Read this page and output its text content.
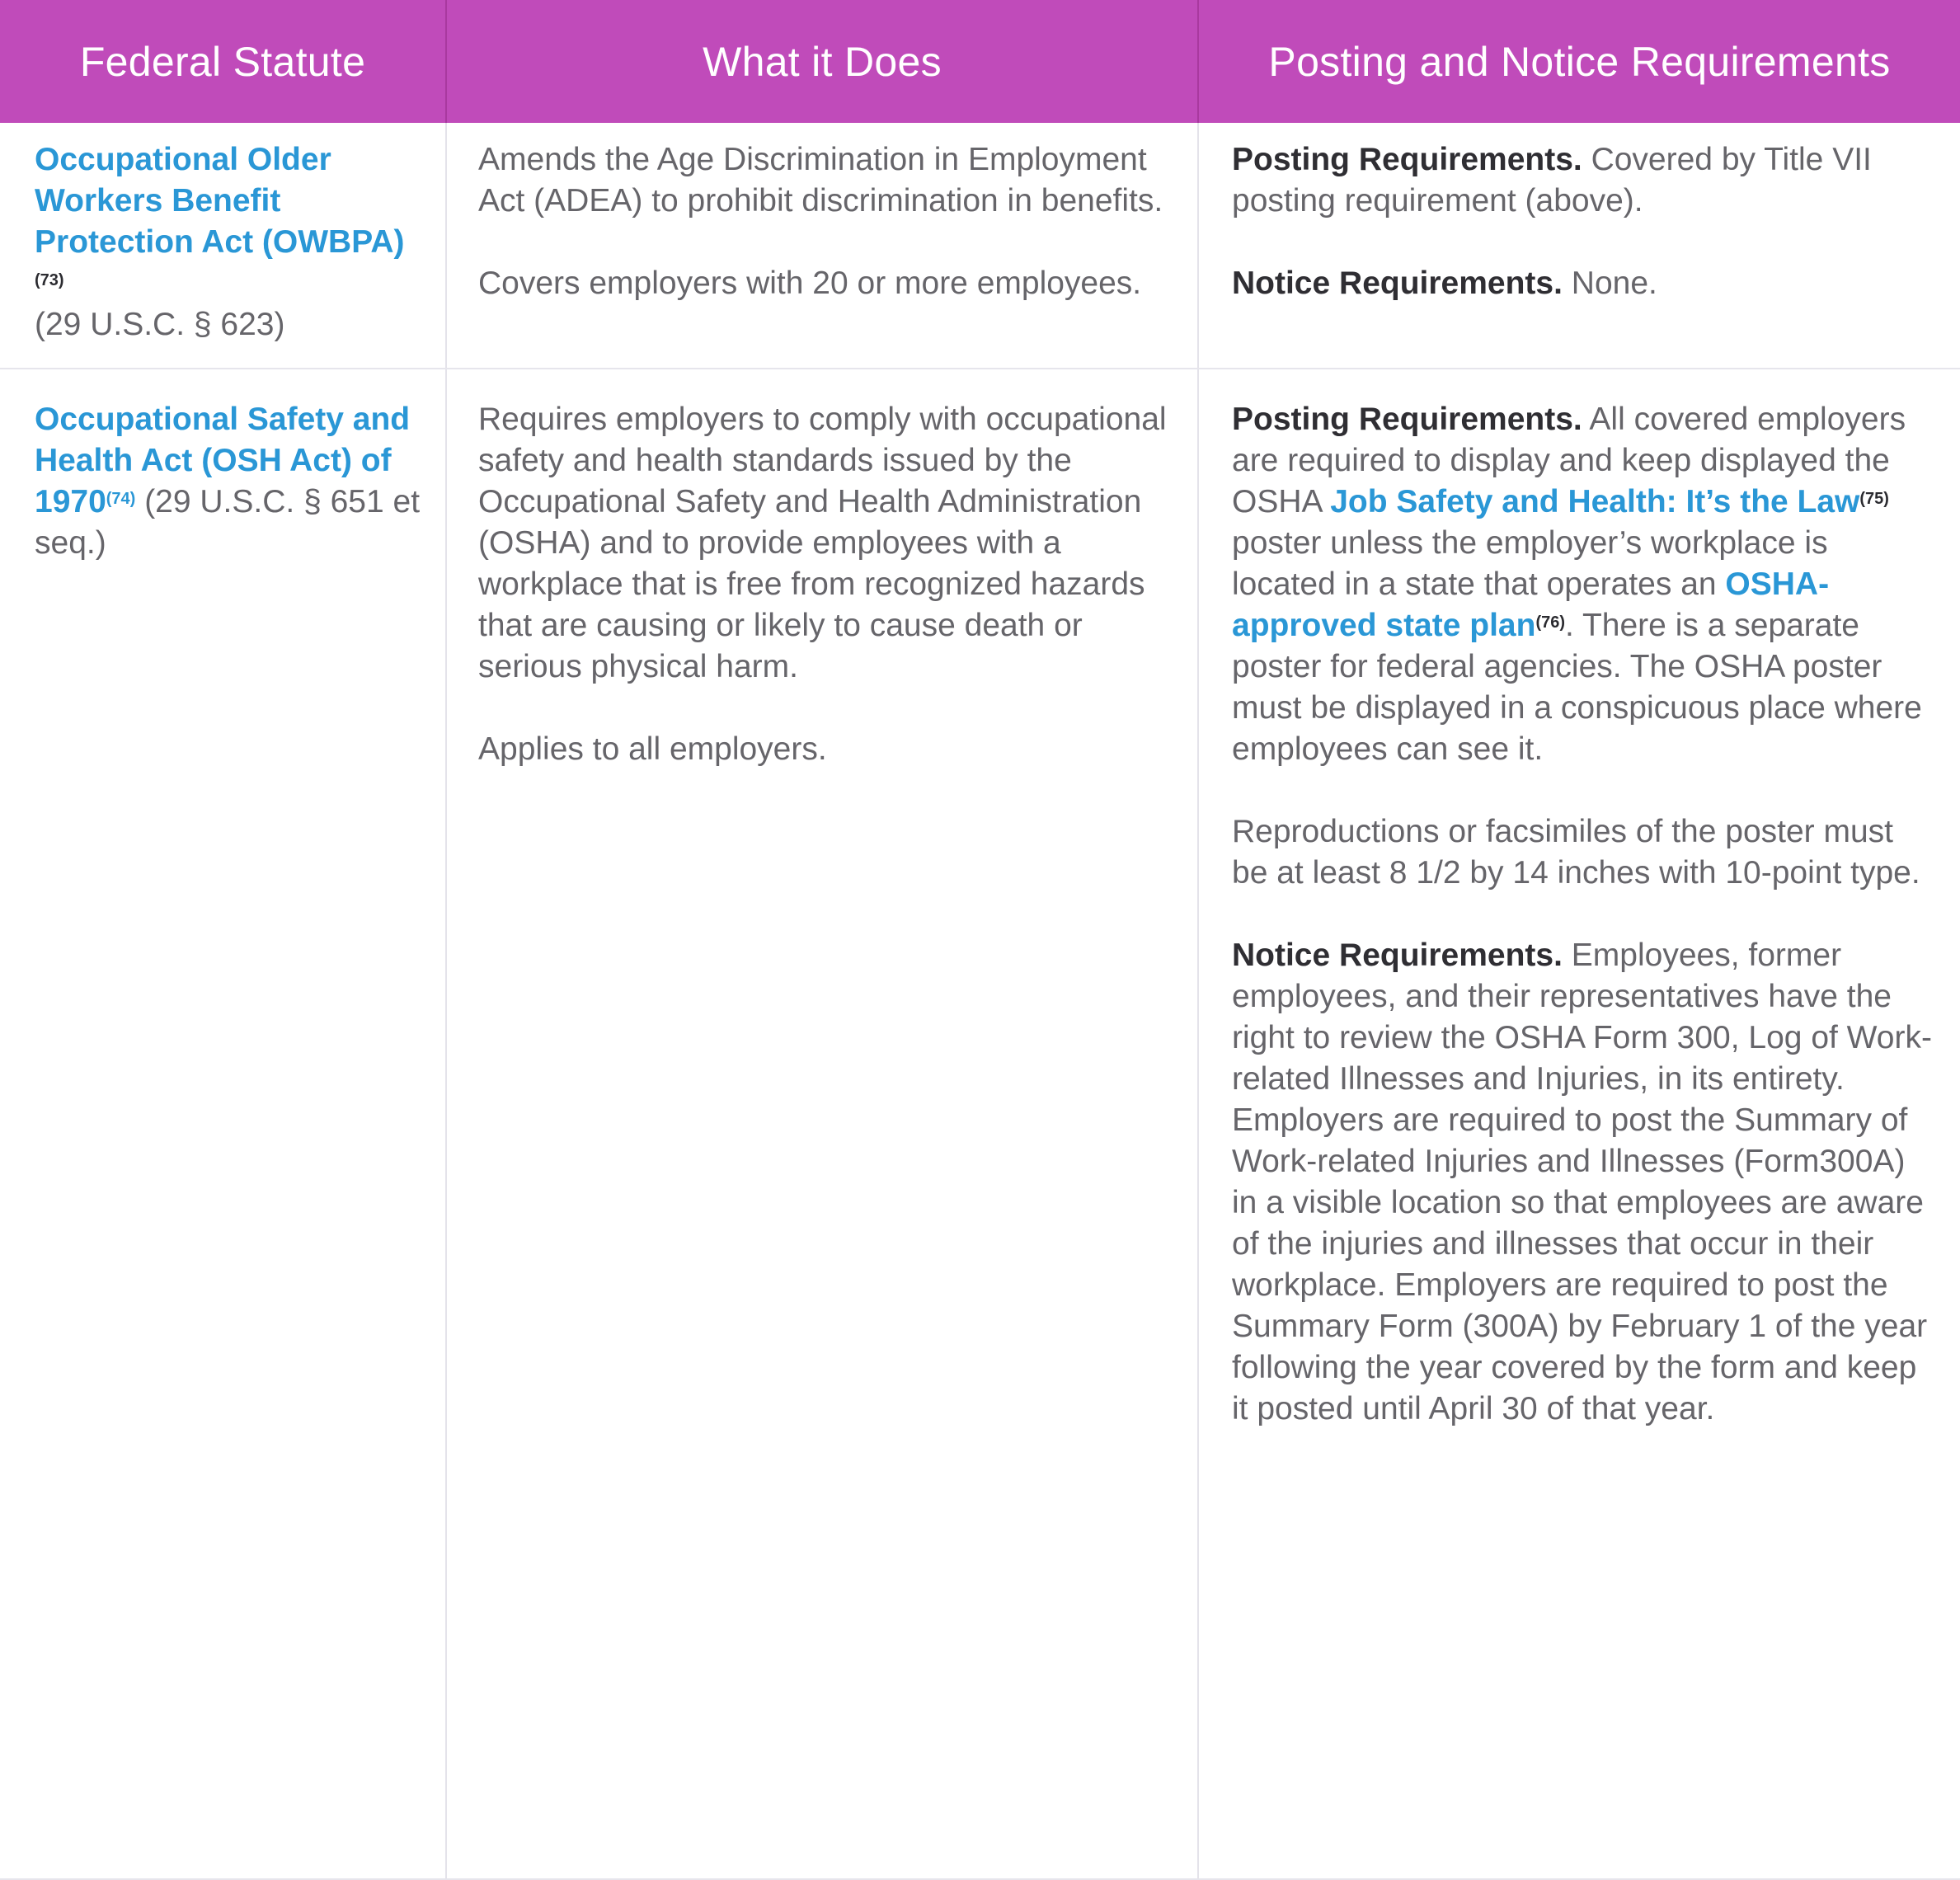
Federal Statute	What it Does	Posting and Notice Requirements
Occupational Older Workers Benefit Protection Act (OWBPA)$^{(73)}$
(29 U.S.C. § 623)

Amends the Age Discrimination in Employment Act (ADEA) to prohibit discrimination in benefits.

Covers employers with 20 or more employees.

Posting Requirements. Covered by Title VII posting requirement (above).

Notice Requirements. None.

Occupational Safety and Health Act (OSH Act) of 1970$^{(74)}$ (29 U.S.C. § 651 et seq.)

Requires employers to comply with occupational safety and health standards issued by the Occupational Safety and Health Administration (OSHA) and to provide employees with a workplace that is free from recognized hazards that are causing or likely to cause death or serious physical harm.

Applies to all employers.

Posting Requirements. All covered employers are required to display and keep displayed the OSHA Job Safety and Health: It’s the Law$^{(75)}$ poster unless the employer’s workplace is located in a state that operates an OSHA-approved state plan$^{(76)}$. There is a separate poster for federal agencies. The OSHA poster must be displayed in a conspicuous place where employees can see it.

Reproductions or facsimiles of the poster must be at least 8 1/2 by 14 inches with 10-point type.

Notice Requirements. Employees, former employees, and their representatives have the right to review the OSHA Form 300, Log of Work-related Illnesses and Injuries, in its entirety. Employers are required to post the Summary of Work-related Injuries and Illnesses (Form300A) in a visible location so that employees are aware of the injuries and illnesses that occur in their workplace. Employers are required to post the Summary Form (300A) by February 1 of the year following the year covered by the form and keep it posted until April 30 of that year.
